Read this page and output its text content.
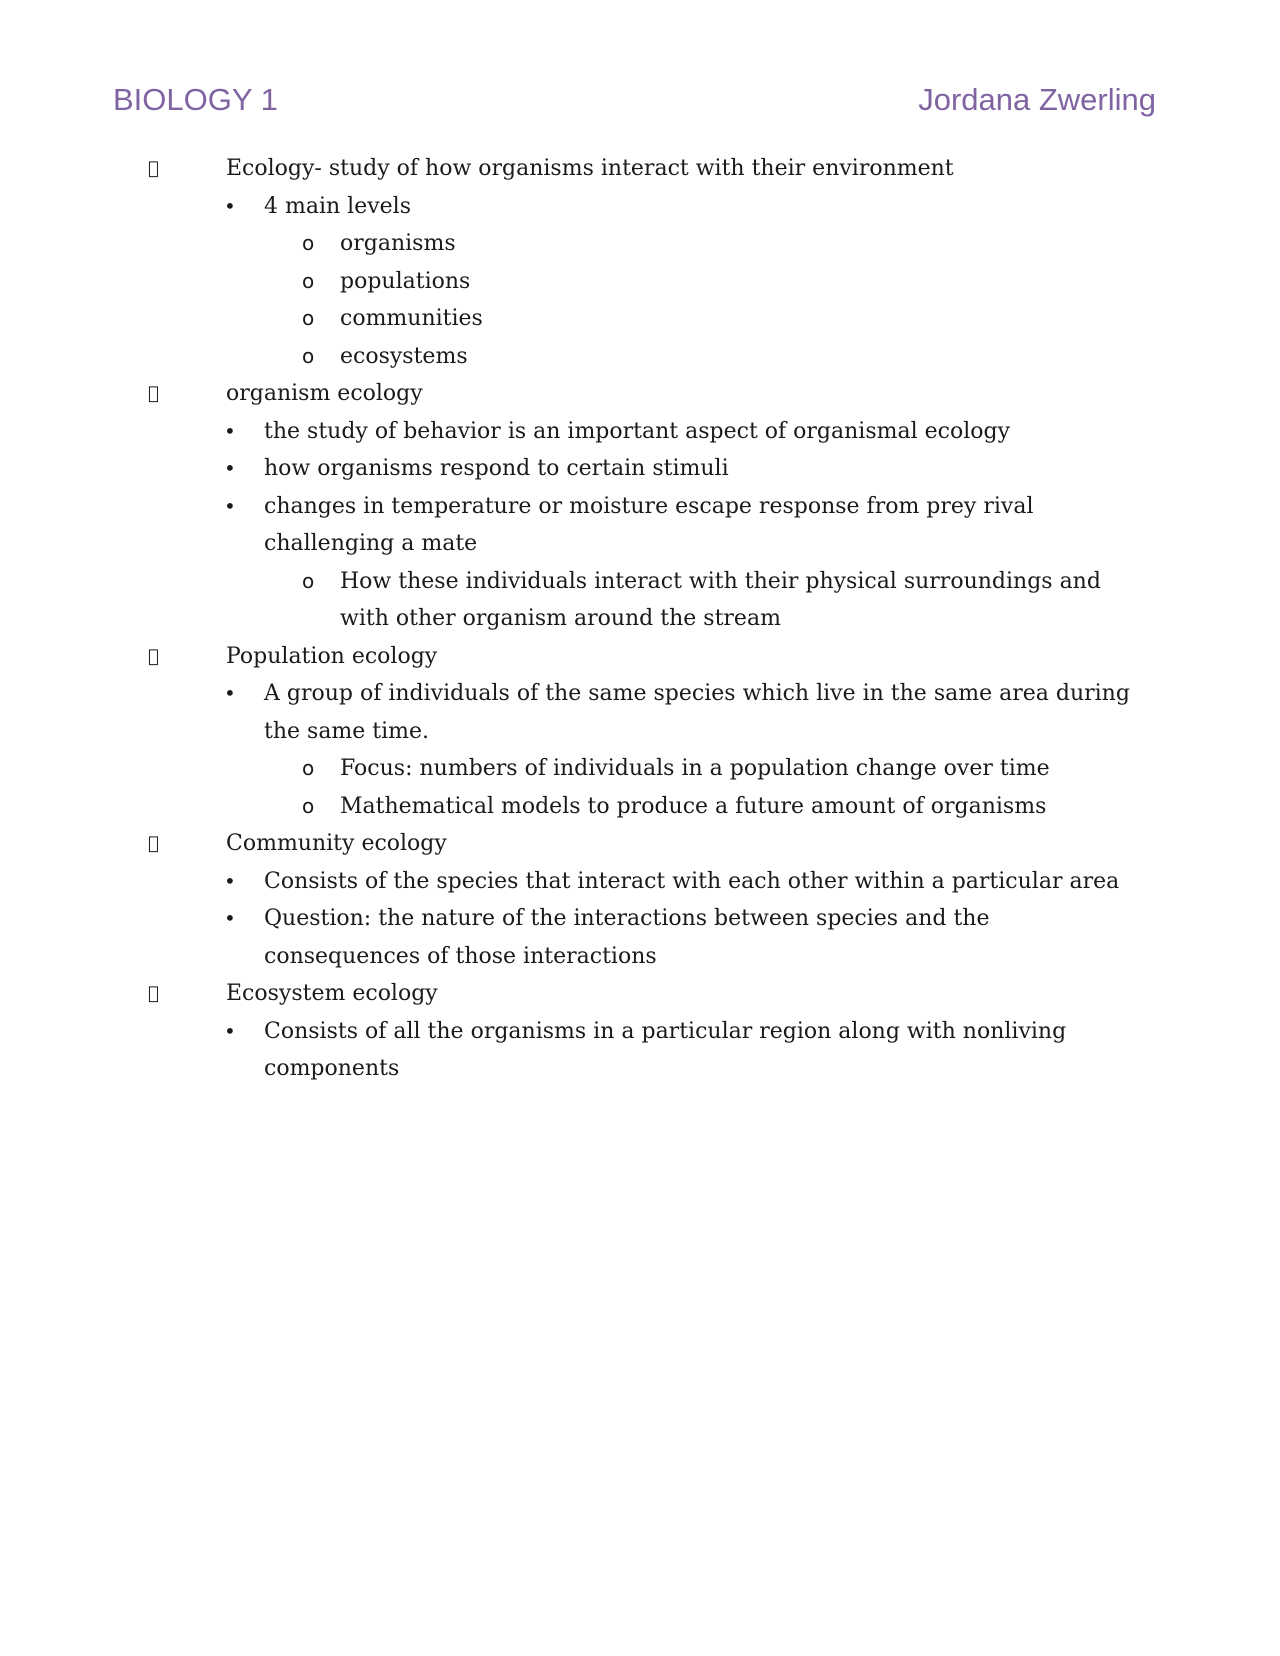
BIOLOGY 1	Jordana Zwerling
Ecology- study of how organisms interact with their environment
• 4 main levels
o organisms
o populations
o communities
o ecosystems
organism ecology
• the study of behavior is an important aspect of organismal ecology
• how organisms respond to certain stimuli
• changes in temperature or moisture escape response from prey rival challenging a mate
o How these individuals interact with their physical surroundings and with other organism around the stream
Population ecology
• A group of individuals of the same species which live in the same area during the same time.
o Focus: numbers of individuals in a population change over time
o Mathematical models to produce a future amount of organisms
Community ecology
• Consists of the species that interact with each other within a particular area
• Question: the nature of the interactions between species and the consequences of those interactions
Ecosystem ecology
• Consists of all the organisms in a particular region along with nonliving components
